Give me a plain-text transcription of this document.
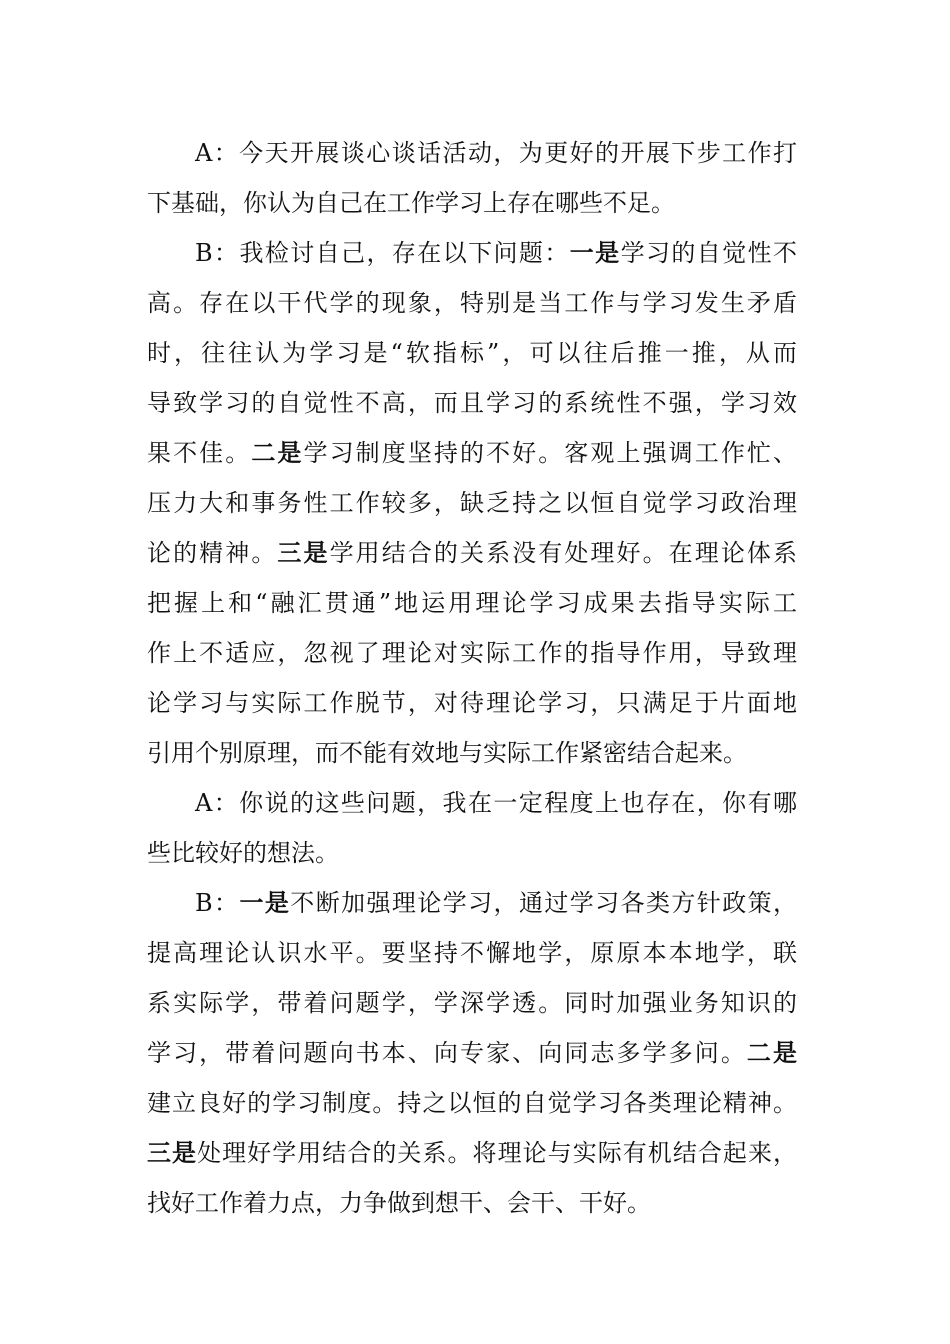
A：今天开展谈心谈话活动，为更好的开展下步工作打
下基础，你认为自己在工作学习上存在哪些不足。
B：我检讨自己，存在以下问题：一是学习的自觉性不
高。存在以干代学的现象，特别是当工作与学习发生矛盾
时，往往认为学习是“软指标”，可以往后推一推，从而
导致学习的自觉性不高，而且学习的系统性不强，学习效
果不佳。二是学习制度坚持的不好。客观上强调工作忙、
压力大和事务性工作较多，缺乏持之以恒自觉学习政治理
论的精神。三是学用结合的关系没有处理好。在理论体系
把握上和“融汇贯通”地运用理论学习成果去指导实际工
作上不适应，忽视了理论对实际工作的指导作用，导致理
论学习与实际工作脱节，对待理论学习，只满足于片面地
引用个别原理，而不能有效地与实际工作紧密结合起来。
A：你说的这些问题，我在一定程度上也存在，你有哪
些比较好的想法。
B：一是不断加强理论学习，通过学习各类方针政策，
提高理论认识水平。要坚持不懈地学，原原本本地学，联
系实际学，带着问题学，学深学透。同时加强业务知识的
学习，带着问题向书本、向专家、向同志多学多问。二是
建立良好的学习制度。持之以恒的自觉学习各类理论精神。
三是处理好学用结合的关系。将理论与实际有机结合起来，
找好工作着力点，力争做到想干、会干、干好。
